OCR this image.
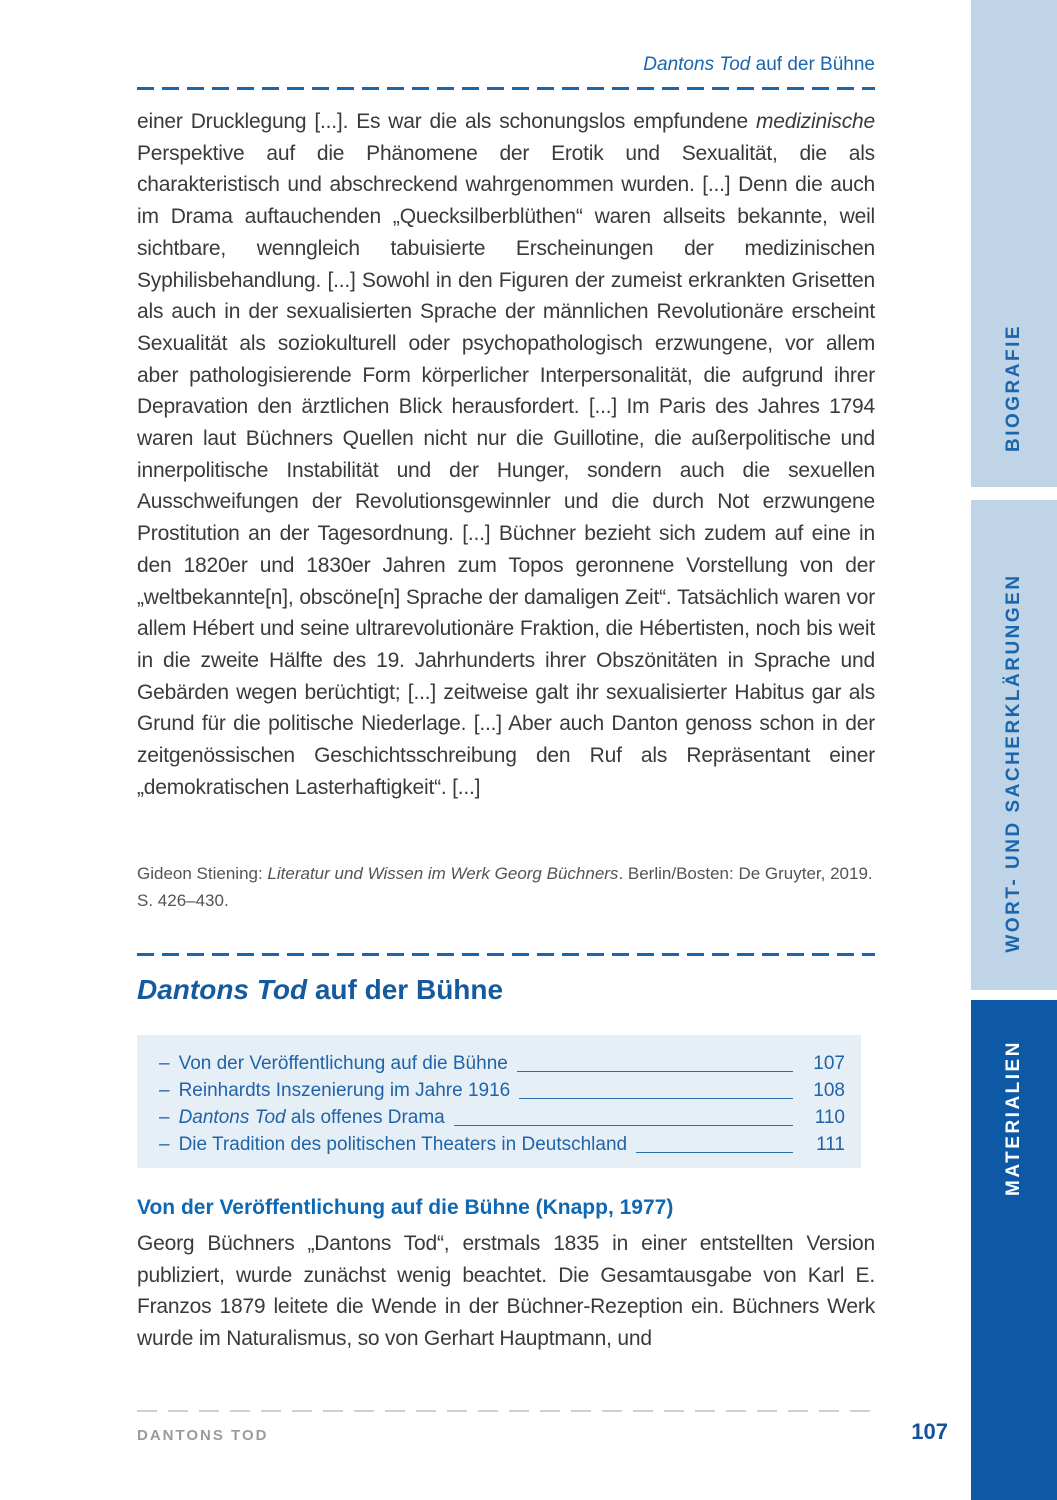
Dantons Tod auf der Bühne

einer Drucklegung [...]. Es war die als schonungslos empfundene medizinische Perspektive auf die Phänomene der Erotik und Sexualität, die als charakteristisch und abschreckend wahrgenommen wurden. [...] Denn die auch im Drama auftauchenden „Quecksilberblüthen“ waren allseits bekannte, weil sichtbare, wenngleich tabuisierte Erscheinungen der medizinischen Syphilisbehandlung. [...] Sowohl in den Figuren der zumeist erkrankten Grisetten als auch in der sexualisierten Sprache der männlichen Revolutionäre erscheint Sexualität als soziokulturell oder psychopathologisch erzwungene, vor allem aber pathologisierende Form körperlicher Interpersonalität, die aufgrund ihrer Depravation den ärztlichen Blick herausfordert. [...] Im Paris des Jahres 1794 waren laut Büchners Quellen nicht nur die Guillotine, die außerpolitische und innerpolitische Instabilität und der Hunger, sondern auch die sexuellen Ausschweifungen der Revolutionsgewinnler und die durch Not erzwungene Prostitution an der Tagesordnung. [...] Büchner bezieht sich zudem auf eine in den 1820er und 1830er Jahren zum Topos geronnene Vorstellung von der „weltbekannte[n], obscöne[n] Sprache der damaligen Zeit“. Tatsächlich waren vor allem Hébert und seine ultrarevolutionäre Fraktion, die Hébertisten, noch bis weit in die zweite Hälfte des 19. Jahrhunderts ihrer Obszönitäten in Sprache und Gebärden wegen berüchtigt; [...] zeitweise galt ihr sexualisierter Habitus gar als Grund für die politische Niederlage. [...] Aber auch Danton genoss schon in der zeitgenössischen Geschichtsschreibung den Ruf als Repräsentant einer „demokratischen Lasterhaftigkeit“. [...]

Gideon Stiening: Literatur und Wissen im Werk Georg Büchners. Berlin/Bosten: De Gruyter, 2019. S. 426–430.

Dantons Tod auf der Bühne
– Von der Veröffentlichung auf die Bühne	107
– Reinhardts Inszenierung im Jahre 1916	108
– Dantons Tod als offenes Drama	110
– Die Tradition des politischen Theaters in Deutschland	111
Von der Veröffentlichung auf die Bühne (Knapp, 1977)

Georg Büchners „Dantons Tod“, erstmals 1835 in einer entstellten Version publiziert, wurde zunächst wenig beachtet. Die Gesamtausgabe von Karl E. Franzos 1879 leitete die Wende in der Büchner-Rezeption ein. Büchners Werk wurde im Naturalismus, so von Gerhart Hauptmann, und

DANTONS TOD	107
BIOGRAFIE
WORT- UND SACHERKLÄRUNGEN
MATERIALIEN
